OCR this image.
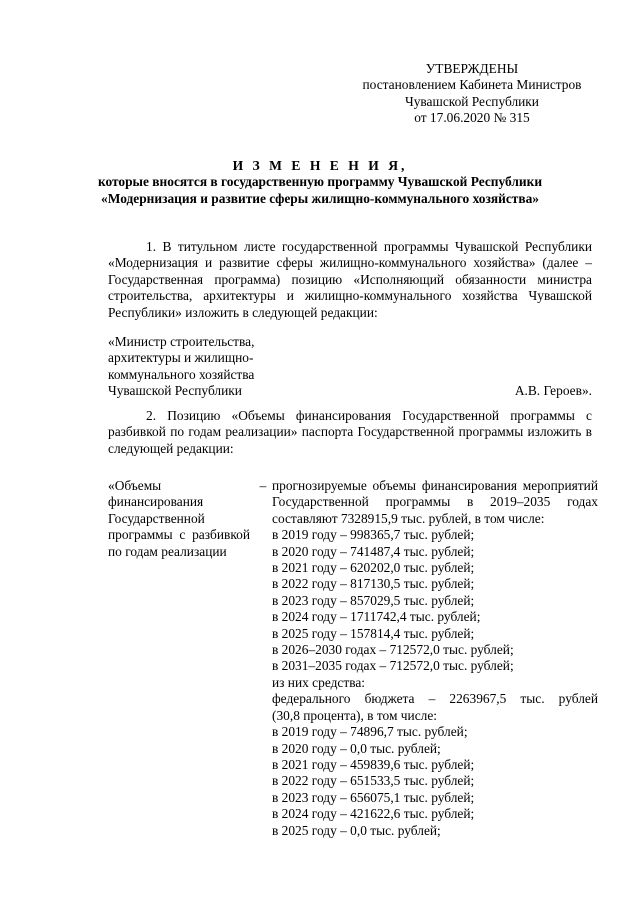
УТВЕРЖДЕНЫ
постановлением Кабинета Министров
Чувашской Республики
от 17.06.2020 № 315
И З М Е Н Е Н И Я,
которые вносятся в государственную программу Чувашской Республики
«Модернизация и развитие сферы жилищно-коммунального хозяйства»
1. В титульном листе государственной программы Чувашской Республики «Модернизация и развитие сферы жилищно-коммунального хозяйства» (далее – Государственная программа) позицию «Исполняющий обязанности министра строительства, архитектуры и жилищно-коммунального хозяйства Чувашской Республики» изложить в следующей редакции:
«Министр строительства,
архитектуры и жилищно-
коммунального хозяйства
Чувашской Республики	А.В. Героев».
2. Позицию «Объемы финансирования Государственной программы с разбивкой по годам реализации» паспорта Государственной программы изложить в следующей редакции:
«Объемы финансирования Государственной программы с разбивкой по годам реализации
– прогнозируемые объемы финансирования мероприятий Государственной программы в 2019–2035 годах составляют 7328915,9 тыс. рублей, в том числе:
в 2019 году – 998365,7 тыс. рублей;
в 2020 году – 741487,4 тыс. рублей;
в 2021 году – 620202,0 тыс. рублей;
в 2022 году – 817130,5 тыс. рублей;
в 2023 году – 857029,5 тыс. рублей;
в 2024 году – 1711742,4 тыс. рублей;
в 2025 году – 157814,4 тыс. рублей;
в 2026–2030 годах – 712572,0 тыс. рублей;
в 2031–2035 годах – 712572,0 тыс. рублей;
из них средства:
федерального бюджета – 2263967,5 тыс. рублей
(30,8 процента), в том числе:
в 2019 году – 74896,7 тыс. рублей;
в 2020 году – 0,0 тыс. рублей;
в 2021 году – 459839,6 тыс. рублей;
в 2022 году – 651533,5 тыс. рублей;
в 2023 году – 656075,1 тыс. рублей;
в 2024 году – 421622,6 тыс. рублей;
в 2025 году – 0,0 тыс. рублей;
